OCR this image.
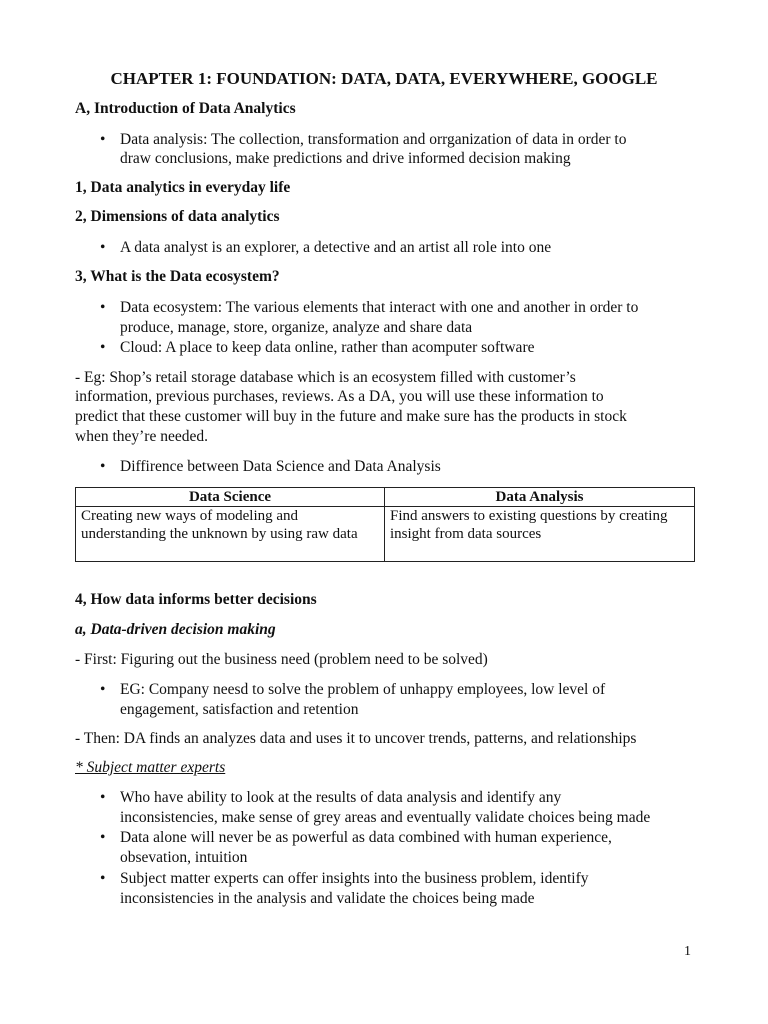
CHAPTER 1: FOUNDATION: DATA, DATA, EVERYWHERE, GOOGLE
A, Introduction of Data Analytics
• Data analysis: The collection, transformation and orrganization of data in order to
draw conclusions, make predictions and drive informed decision making
1, Data analytics in everyday life
2, Dimensions of data analytics
• A data analyst is an explorer, a detective and an artist all role into one
3, What is the Data ecosystem?
• Data ecosystem: The various elements that interact with one and another in order to
produce, manage, store, organize, analyze and share data
• Cloud: A place to keep data online, rather than acomputer software
- Eg: Shop’s retail storage database which is an ecosystem filled with customer’s
information, previous purchases, reviews. As a DA, you will use these information to
predict that these customer will buy in the future and make sure has the products in stock
when they’re needed.
• Diffirence between Data Science and Data Analysis
Data Science	Data Analysis
Creating new ways of modeling and understanding the unknown by using raw data	Find answers to existing questions by creating insight from data sources
4, How data informs better decisions
a, Data-driven decision making
- First: Figuring out the business need (problem need to be solved)
• EG: Company neesd to solve the problem of unhappy employees, low level of
engagement, satisfaction and retention
- Then: DA finds an analyzes data and uses it to uncover trends, patterns, and relationships
* Subject matter experts
• Who have ability to look at the results of data analysis and identify any
inconsistencies, make sense of grey areas and eventually validate choices being made
• Data alone will never be as powerful as data combined with human experience,
obsevation, intuition
• Subject matter experts can offer insights into the business problem, identify
inconsistencies in the analysis and validate the choices being made
1
